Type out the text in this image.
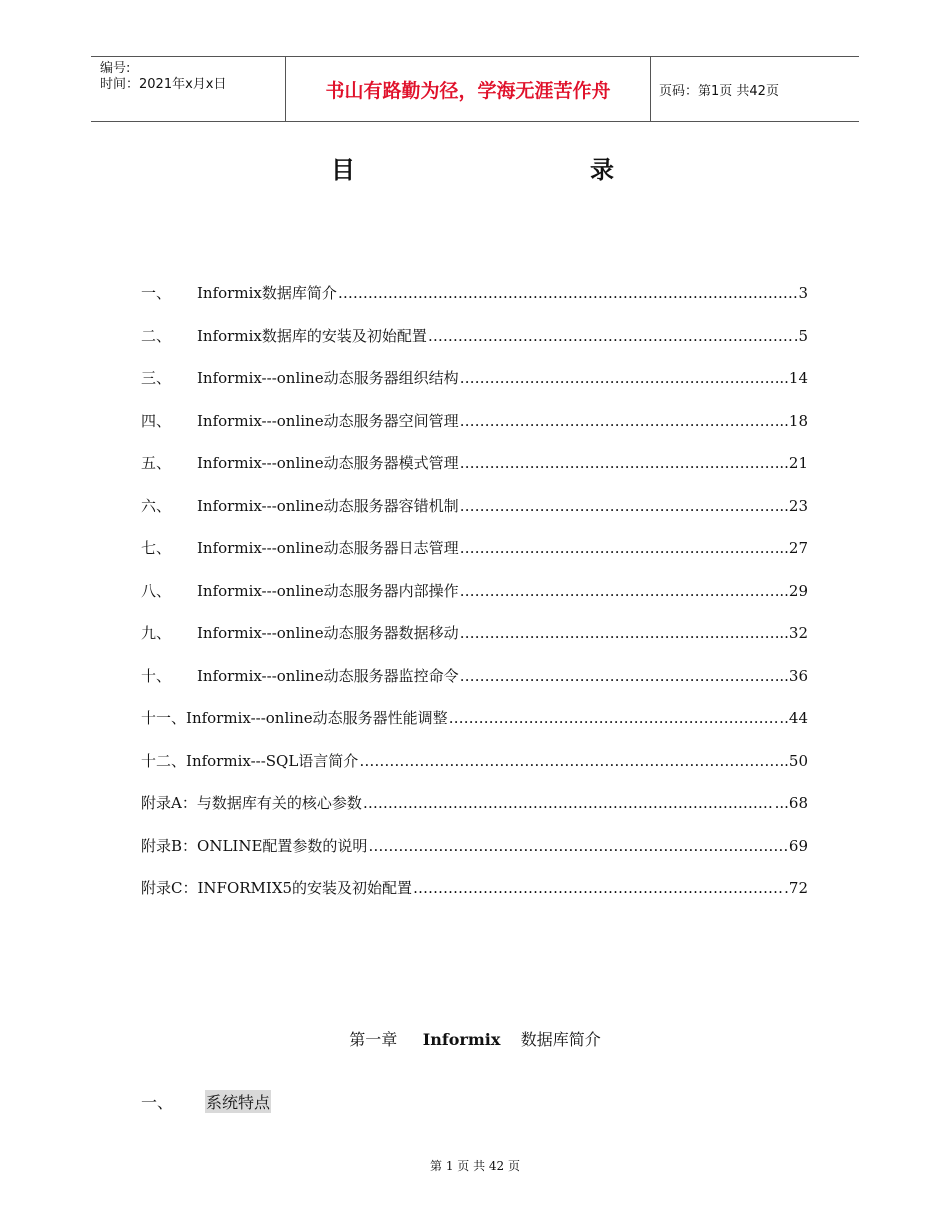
编号:
时间：2021年x月x日	书山有路勤为径，学海无涯苦作舟	页码：第1页 共42页
目	录
一、	Informix数据库简介 ……………………………………………………………………………………………………………………………………………………………………………………	3
二、	Informix数据库的安装及初始配置 ……………………………………………………………………………………………………………………………………………………………………………………	.5
三、	Informix---online动态服务器组织结构 ……………………………………………………………………………………………………………………………………………………………………………………	..14
四、	Informix---online动态服务器空间管理 ……………………………………………………………………………………………………………………………………………………………………………………	..18
五、	Informix---online动态服务器模式管理 ……………………………………………………………………………………………………………………………………………………………………………………	..21
六、	Informix---online动态服务器容错机制 ……………………………………………………………………………………………………………………………………………………………………………………	..23
七、	Informix---online动态服务器日志管理 ……………………………………………………………………………………………………………………………………………………………………………………	..27
八、	Informix---online动态服务器内部操作 ……………………………………………………………………………………………………………………………………………………………………………………	..29
九、	Informix---online动态服务器数据移动 ……………………………………………………………………………………………………………………………………………………………………………………	..32
十、	Informix---online动态服务器监控命令 ……………………………………………………………………………………………………………………………………………………………………………………	..36
十一、 Informix---online动态服务器性能调整 ……………………………………………………………………………………………………………………………………………………………………………………	..44
十二、 Informix---SQL语言简介 ……………………………………………………………………………………………………………………………………………………………………………………	.50
附录A： 与数据库有关的核心参数 ……………………………………………………………………………………………………………………………………………………………………………………	...68
附录B： ONLINE配置参数的说明 ……………………………………………………………………………………………………………………………………………………………………………………	69
附录C： INFORMIX5的安装及初始配置 ……………………………………………………………………………………………………………………………………………………………………………………	.72
第一章 Informix 数据库简介
一、	系统特点
第 1 页 共 42 页
